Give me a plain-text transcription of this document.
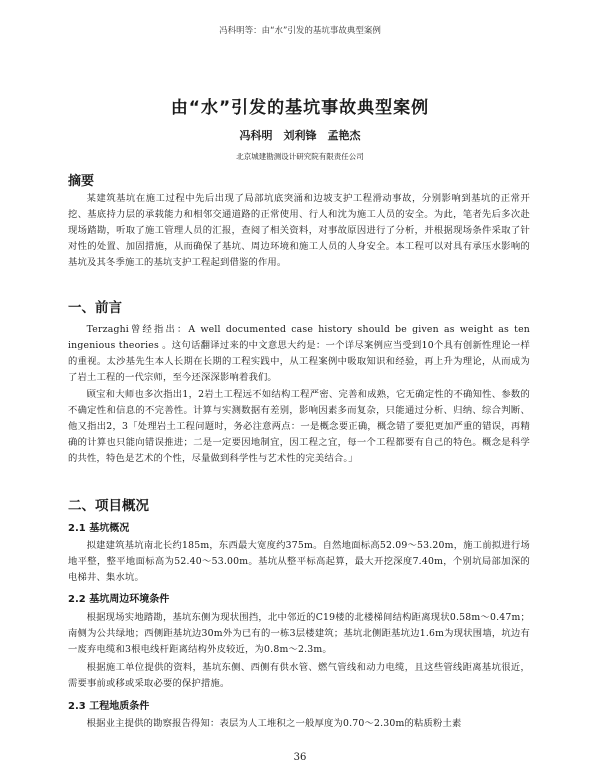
冯科明等：由“水”引发的基坑事故典型案例
由“水”引发的基坑事故典型案例
冯科明　刘利锋　孟艳杰
北京城建勘测设计研究院有限责任公司
摘要

某建筑基坑在施工过程中先后出现了局部坑底突涌和边坡支护工程滑动事故，分别影响到基坑的正常开挖、基底持力层的承载能力和相邻交通道路的正常使用、行人和沈为施工人员的安全。为此，笔者先后多次赴现场踏勘，听取了施工管理人员的汇报，查阅了相关资料，对事故原因进行了分析，并根据现场条件采取了针对性的处置、加固措施，从而确保了基坑、周边环境和施工人员的人身安全。本工程可以对具有承压水影响的基坑及其冬季施工的基坑支护工程起到借鉴的作用。

一、前言

Terzaghi曾经指出：A well documented case history should be given as weight as ten ingenious theories 。这句话翻译过来的中文意思大约是：一个详尽案例应当受到10个具有创新性理论一样的重视。太沙基先生本人长期在长期的工程实践中，从工程案例中吸取知识和经验，再上升为理论，从而成为了岩土工程的一代宗师，至今还深深影响着我们。

顾宝和大师也多次指出1，2岩土工程远不如结构工程严密、完善和成熟，它无确定性的不确知性、参数的不确定性和信息的不完善性。计算与实测数据有差别，影响因素多而复杂，只能通过分析、归纳、综合判断、他又指出2，3「处理岩土工程问题时，务必注意两点：一是概念要正确，概念错了要犯更加严重的错误，再精确的计算也只能向错误推进；二是一定要因地制宜，因工程之宜，每一个工程都要有自己的特色。概念是科学的共性，特色是艺术的个性，尽量做到科学性与艺术性的完美结合。」

二、项目概况
2.1 基坑概况

拟建建筑基坑南北长约185m，东西最大宽度约375m。自然地面标高52.09～53.20m，施工前拟进行场地平整，整平地面标高为52.40～53.00m。基坑从整平标高起算，最大开挖深度7.40m，个别坑局部加深的电梯井、集水坑。

2.2 基坑周边环境条件

根据现场实地踏勘，基坑东侧为现状围挡，北中邻近的C19楼的北楼梯间结构距离现状0.58m～0.47m；南侧为公共绿地；西侧距基坑边30m外为已有的一栋3层楼建筑；基坑北侧距基坑边1.6m为现状围墙，坑边有一废弃电缆和3根电线杆距离结构外皮较近，为0.8m～2.3m。

根据施工单位提供的资料，基坑东侧、西侧有供水管、燃气管线和动力电缆，且这些管线距离基坑很近，需要事前或移或采取必要的保护措施。

2.3 工程地质条件

根据业主提供的勘察报告得知：表层为人工堆积之一般厚度为0.70～2.30m的粘质粉土素

36
